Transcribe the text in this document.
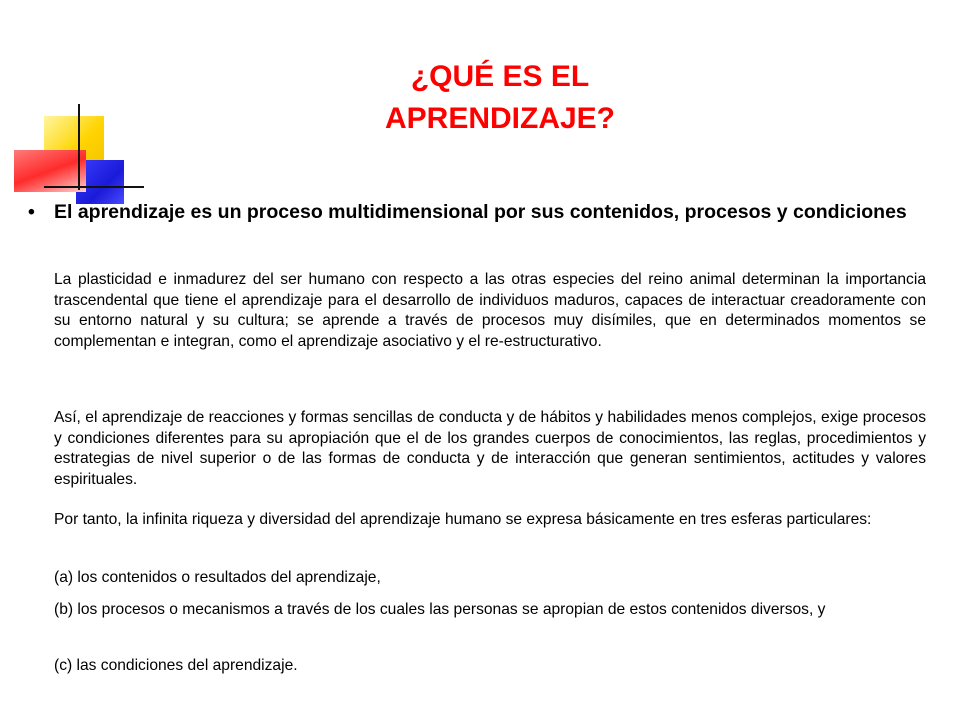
¿QUÉ ES EL
APRENDIZAJE?
• El aprendizaje es un proceso multidimensional por sus contenidos, procesos y condiciones
La plasticidad e inmadurez del ser humano con respecto a las otras especies del reino animal determinan la importancia trascendental que tiene el aprendizaje para el desarrollo de individuos maduros, capaces de interactuar creadoramente con su entorno natural y su cultura; se aprende a través de procesos muy disímiles, que en determinados momentos se complementan e integran, como el aprendizaje asociativo y el re-estructurativo.
Así, el aprendizaje de reacciones y formas sencillas de conducta y de hábitos y habilidades menos complejos, exige procesos y condiciones diferentes para su apropiación que el de los grandes cuerpos de conocimientos, las reglas, procedimientos y estrategias de nivel superior o de las formas de conducta y de interacción que generan sentimientos, actitudes y valores espirituales.
Por tanto, la infinita riqueza y diversidad del aprendizaje humano se expresa básicamente en tres esferas particulares:
(a) los contenidos o resultados del aprendizaje,
(b) los procesos o mecanismos a través de los cuales las personas se apropian de estos contenidos diversos, y
(c) las condiciones del aprendizaje.
